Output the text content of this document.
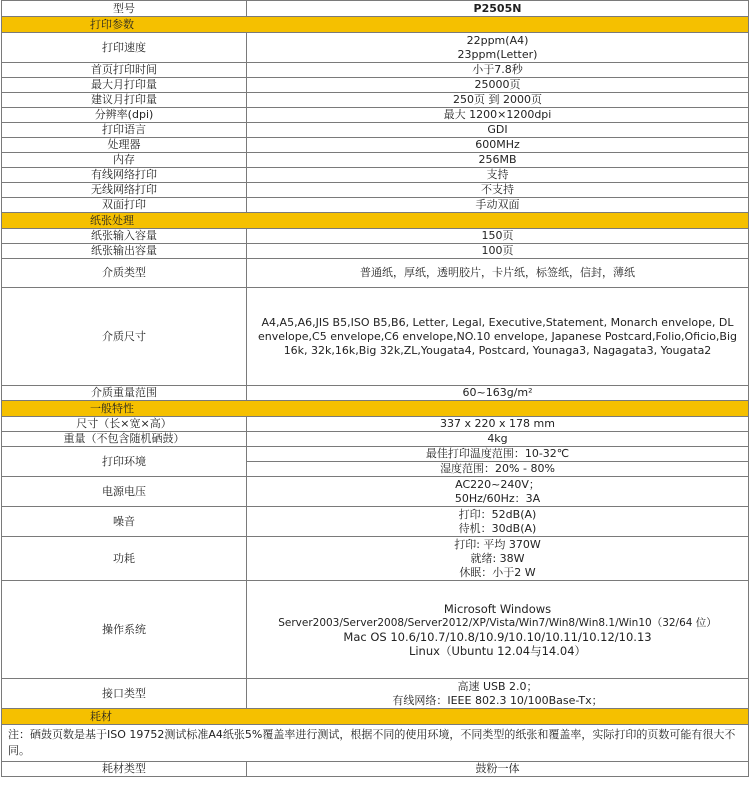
型号	P2505N
打印参数	
打印速度	22ppm(A4)
23ppm(Letter)

首页打印时间	小于7.8秒
最大月打印量	25000页
建议月打印量	250页 到 2000页
分辨率(dpi)	最大 1200×1200dpi
打印语言	GDI
处理器	600MHz
内存	256MB
有线网络打印	支持
无线网络打印	不支持
双面打印	手动双面
纸张处理	
纸张输入容量	150页
纸张输出容量	100页
介质类型	普通纸，厚纸，透明胶片，卡片纸，标签纸，信封，薄纸
介质尺寸	A4,A5,A6,JIS B5,ISO B5,B6, Letter, Legal, Executive,Statement, Monarch envelope, DL envelope,C5 envelope,C6 envelope,NO.10 envelope, Japanese Postcard,Folio,Oficio,Big 16k, 32k,16k,Big 32k,ZL,Yougata4, Postcard, Younaga3, Nagagata3, Yougata2
介质重量范围	60~163g/m²
一般特性	
尺寸（长×宽×高）	337 x 220 x 178 mm
重量（不包含随机硒鼓）	4kg
打印环境	最佳打印温度范围：10-32℃
	湿度范围：20% - 80%
电源电压	AC220~240V；
50Hz/60Hz：3A

噪音	打印：52dB(A)
待机：30dB(A)

功耗	打印: 平均 370W
就绪: 38W
休眠：小于2 W

操作系统	Microsoft Windows
Server2003/Server2008/Server2012/XP/Vista/Win7/Win8/Win8.1/Win10（32/64 位）
Mac OS 10.6/10.7/10.8/10.9/10.10/10.11/10.12/10.13
Linux（Ubuntu 12.04与14.04）

接口类型	高速 USB 2.0；
有线网络：IEEE 802.3 10/100Base-Tx；

耗材	
注：硒鼓页数是基于ISO 19752测试标准A4纸张5%覆盖率进行测试，根据不同的使用环境，不同类型的纸张和覆盖率，实际打印的页数可能有很大不同。	
耗材类型	鼓粉一体
